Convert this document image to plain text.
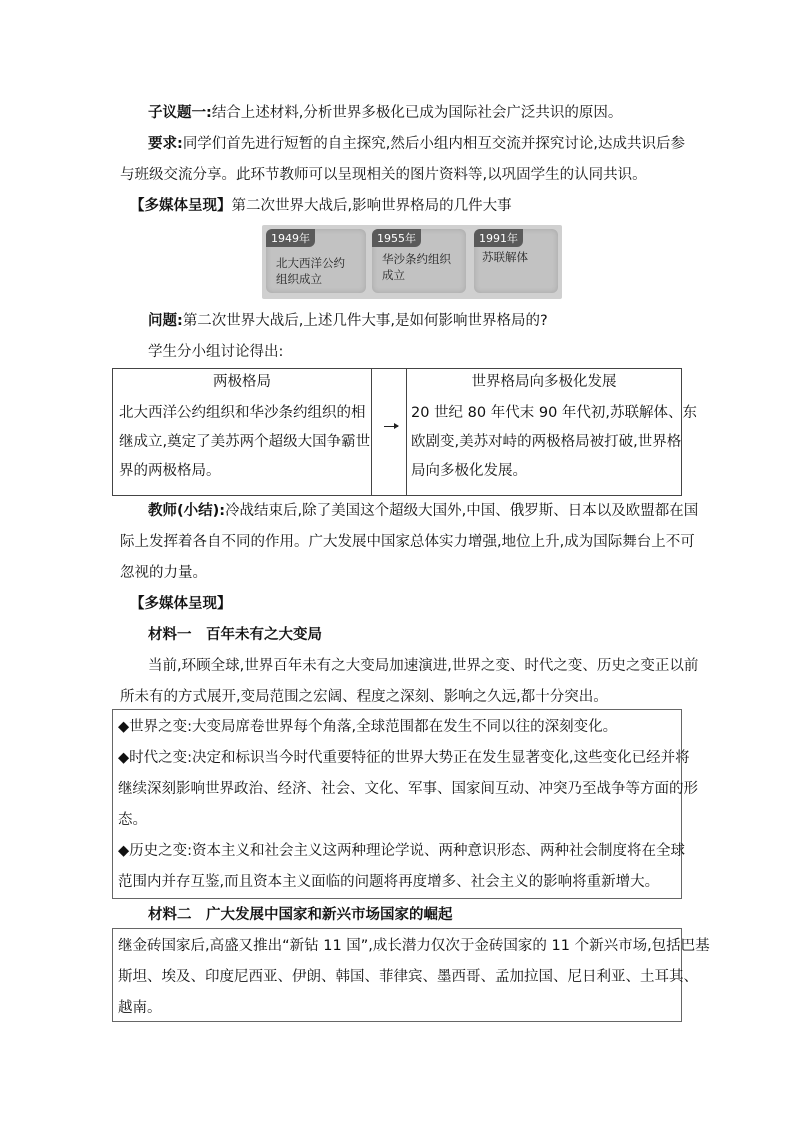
子议题一:结合上述材料,分析世界多极化已成为国际社会广泛共识的原因。
要求:同学们首先进行短暂的自主探究,然后小组内相互交流并探究讨论,达成共识后参
与班级交流分享。此环节教师可以呈现相关的图片资料等,以巩固学生的认同共识。
【多媒体呈现】第二次世界大战后,影响世界格局的几件大事
1949年
北大西洋公约
组织成立
1955年
华沙条约组织
成立
1991年
苏联解体
问题:第二次世界大战后,上述几件大事,是如何影响世界格局的?
学生分小组讨论得出:
两极格局
北大西洋公约组织和华沙条约组织的相
继成立,奠定了美苏两个超级大国争霸世
界的两极格局。
世界格局向多极化发展
20 世纪 80 年代末 90 年代初,苏联解体、东
欧剧变,美苏对峙的两极格局被打破,世界格
局向多极化发展。
教师(小结):冷战结束后,除了美国这个超级大国外,中国、俄罗斯、日本以及欧盟都在国
际上发挥着各自不同的作用。广大发展中国家总体实力增强,地位上升,成为国际舞台上不可
忽视的力量。
【多媒体呈现】
材料一　百年未有之大变局
当前,环顾全球,世界百年未有之大变局加速演进,世界之变、时代之变、历史之变正以前
所未有的方式展开,变局范围之宏阔、程度之深刻、影响之久远,都十分突出。
◆世界之变:大变局席卷世界每个角落,全球范围都在发生不同以往的深刻变化。
◆时代之变:决定和标识当今时代重要特征的世界大势正在发生显著变化,这些变化已经并将
继续深刻影响世界政治、经济、社会、文化、军事、国家间互动、冲突乃至战争等方面的形
态。
◆历史之变:资本主义和社会主义这两种理论学说、两种意识形态、两种社会制度将在全球
范围内并存互鉴,而且资本主义面临的问题将再度增多、社会主义的影响将重新增大。
材料二　广大发展中国家和新兴市场国家的崛起
继金砖国家后,高盛又推出“新钻 11 国”,成长潜力仅次于金砖国家的 11 个新兴市场,包括巴基
斯坦、埃及、印度尼西亚、伊朗、韩国、菲律宾、墨西哥、孟加拉国、尼日利亚、土耳其、
越南。
